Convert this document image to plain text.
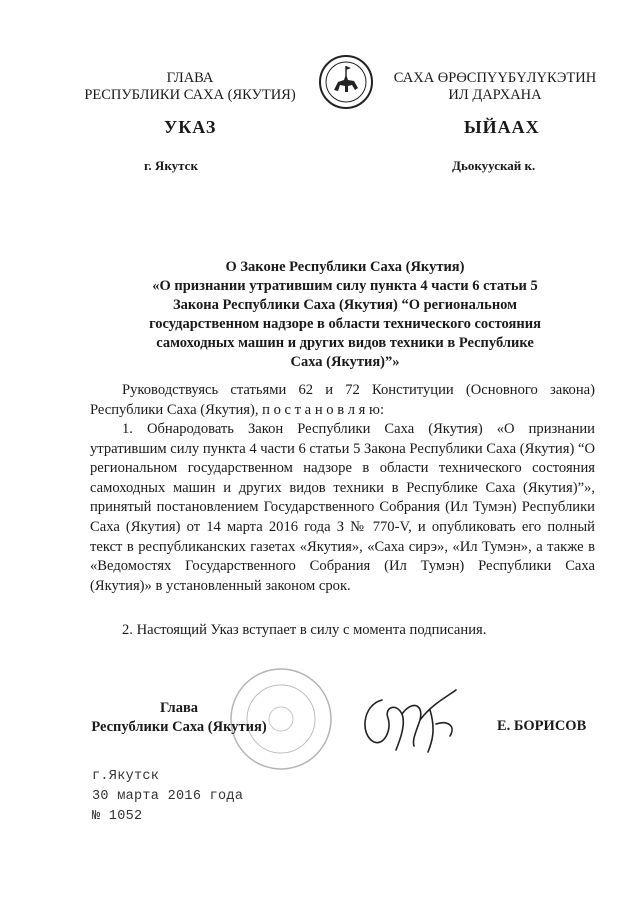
ГЛАВА
РЕСПУБЛИКИ САХА (ЯКУТИЯ)
САХА ӨРӨСПҮҮБҮЛҮКЭТИН
ИЛ ДАРХАНА
УКАЗ	ЫЙААХ
г. Якутск	Дьокуускай к.
О Законе Республики Саха (Якутия)
«О признании утратившим силу пункта 4 части 6 статьи 5
Закона Республики Саха (Якутия) “О региональном
государственном надзоре в области технического состояния
самоходных машин и других видов техники в Республике
Саха (Якутия)”»
Руководствуясь статьями 62 и 72 Конституции (Основного закона) Республики Саха (Якутия), п о с т а н о в л я ю:
1. Обнародовать Закон Республики Саха (Якутия) «О признании утратившим силу пункта 4 части 6 статьи 5 Закона Республики Саха (Якутия) “О региональном государственном надзоре в области технического состояния самоходных машин и других видов техники в Республике Саха (Якутия)”», принятый постановлением Государственного Собрания (Ил Тумэн) Республики Саха (Якутия) от 14 марта 2016 года З № 770-V, и опубликовать его полный текст в республиканских газетах «Якутия», «Саха сирэ», «Ил Тумэн», а также в «Ведомостях Государственного Собрания (Ил Тумэн) Республики Саха (Якутия)» в установленный законом срок.
2. Настоящий Указ вступает в силу с момента подписания.
Глава
Республики Саха (Якутия)	Е. БОРИСОВ
г.Якутск
30 марта 2016 года
№ 1052
